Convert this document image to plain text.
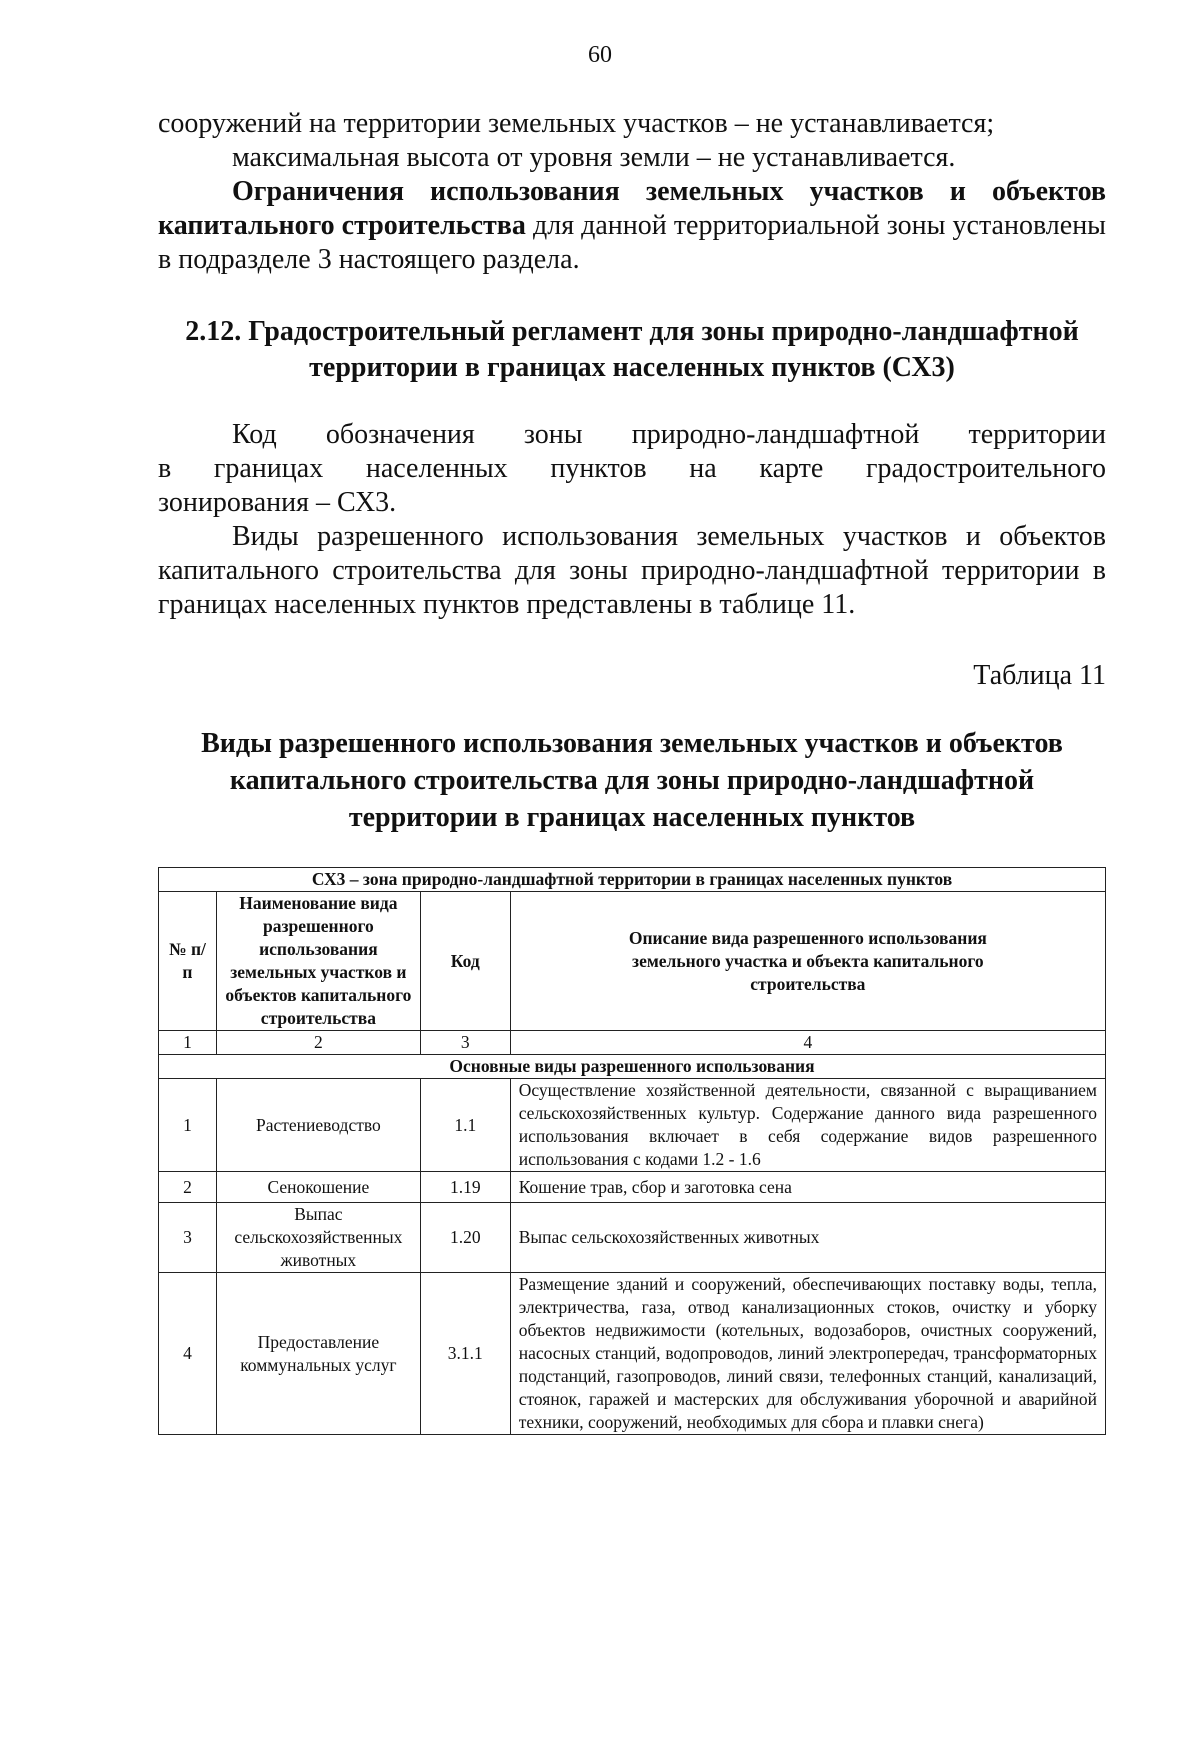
60

сооружений на территории земельных участков – не устанавливается;

максимальная высота от уровня земли – не устанавливается.

Ограничения использования земельных участков и объектов капитального строительства для данной территориальной зоны установлены в подразделе 3 настоящего раздела.

2.12. Градостроительный регламент для зоны природно-ландшафтной
территории в границах населенных пунктов (СХ3)

Код обозначения зоны природно-ландшафтной территории

в границах населенных пунктов на карте градостроительного

зонирования – СХ3.

Виды разрешенного использования земельных участков и объектов капитального строительства для зоны природно-ландшафтной территории в границах населенных пунктов представлены в таблице 11.

Таблица 11
Виды разрешенного использования земельных участков и объектов
капитального строительства для зоны природно-ландшафтной
территории в границах населенных пунктов
СХ3 – зона природно-ландшафтной территории в границах населенных пунктов			
№ п/п	Наименование вида разрешенного использования земельных участков и объектов капитального строительства	Код	Описание вида разрешенного использования земельного участка и объекта капитального строительства
1	2	3	4
Основные виды разрешенного использования			
1	Растениеводство	1.1	Осуществление хозяйственной деятельности, связанной с выращиванием сельскохозяйственных культур. Содержание данного вида разрешенного использования включает в себя содержание видов разрешенного использования с кодами 1.2 - 1.6
2	Сенокошение	1.19	Кошение трав, сбор и заготовка сена
3	Выпас сельскохозяйственных животных	1.20	Выпас сельскохозяйственных животных
4	Предоставление коммунальных услуг	3.1.1	Размещение зданий и сооружений, обеспечивающих поставку воды, тепла, электричества, газа, отвод канализационных стоков, очистку и уборку объектов недвижимости (котельных, водозаборов, очистных сооружений, насосных станций, водопроводов, линий электропередач, трансформаторных подстанций, газопроводов, линий связи, телефонных станций, канализаций, стоянок, гаражей и мастерских для обслуживания уборочной и аварийной техники, сооружений, необходимых для сбора и плавки снега)
